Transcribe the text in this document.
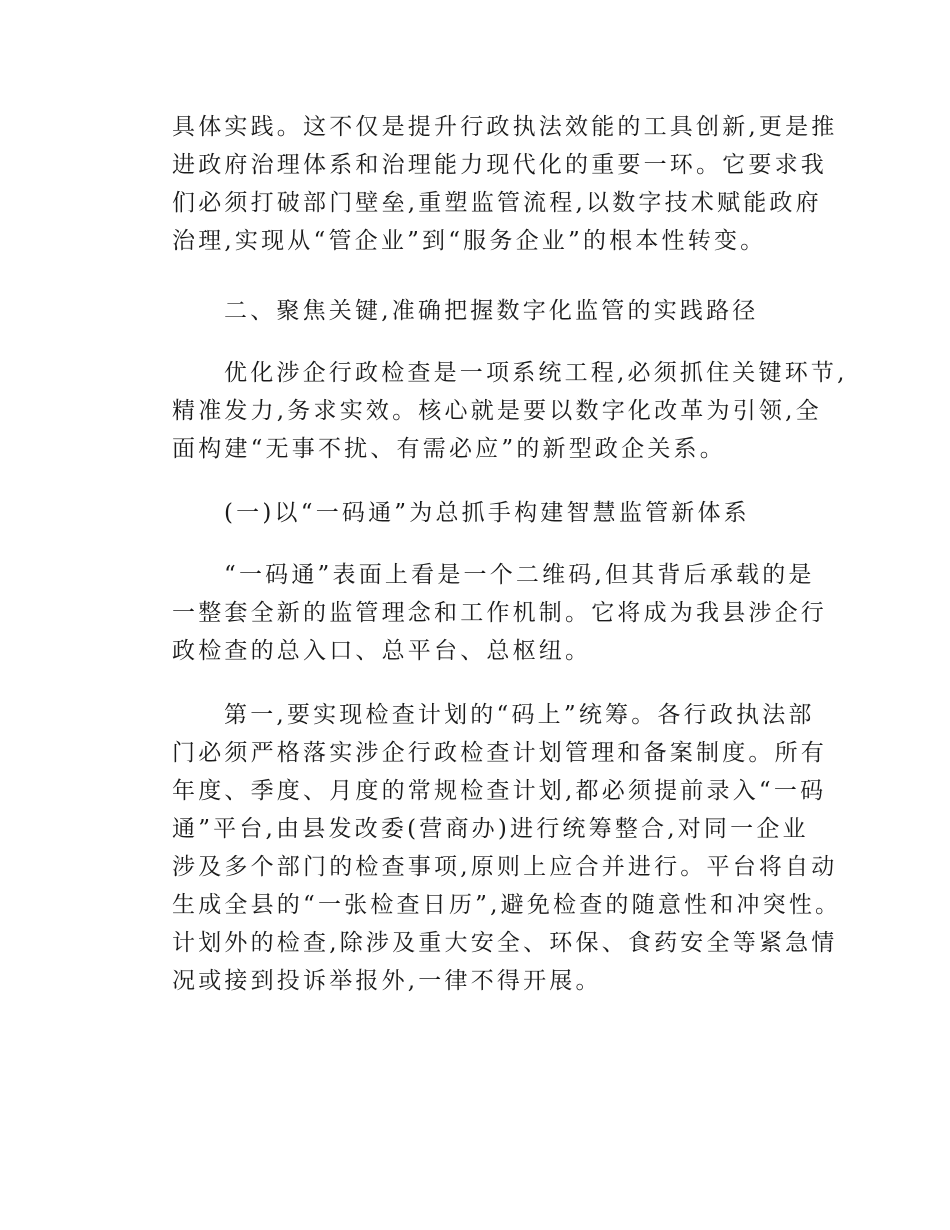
具体实践。这不仅是提升行政执法效能的工具创新,更是推
进政府治理体系和治理能力现代化的重要一环。它要求我
们必须打破部门壁垒,重塑监管流程,以数字技术赋能政府
治理,实现从“管企业”到“服务企业”的根本性转变。
二、聚焦关键,准确把握数字化监管的实践路径
优化涉企行政检查是一项系统工程,必须抓住关键环节,
精准发力,务求实效。核心就是要以数字化改革为引领,全
面构建“无事不扰、有需必应”的新型政企关系。
(一)以“一码通”为总抓手构建智慧监管新体系
“一码通”表面上看是一个二维码,但其背后承载的是
一整套全新的监管理念和工作机制。它将成为我县涉企行
政检查的总入口、总平台、总枢纽。
第一,要实现检查计划的“码上”统筹。各行政执法部
门必须严格落实涉企行政检查计划管理和备案制度。所有
年度、季度、月度的常规检查计划,都必须提前录入“一码
通”平台,由县发改委(营商办)进行统筹整合,对同一企业
涉及多个部门的检查事项,原则上应合并进行。平台将自动
生成全县的“一张检查日历”,避免检查的随意性和冲突性。
计划外的检查,除涉及重大安全、环保、食药安全等紧急情
况或接到投诉举报外,一律不得开展。
